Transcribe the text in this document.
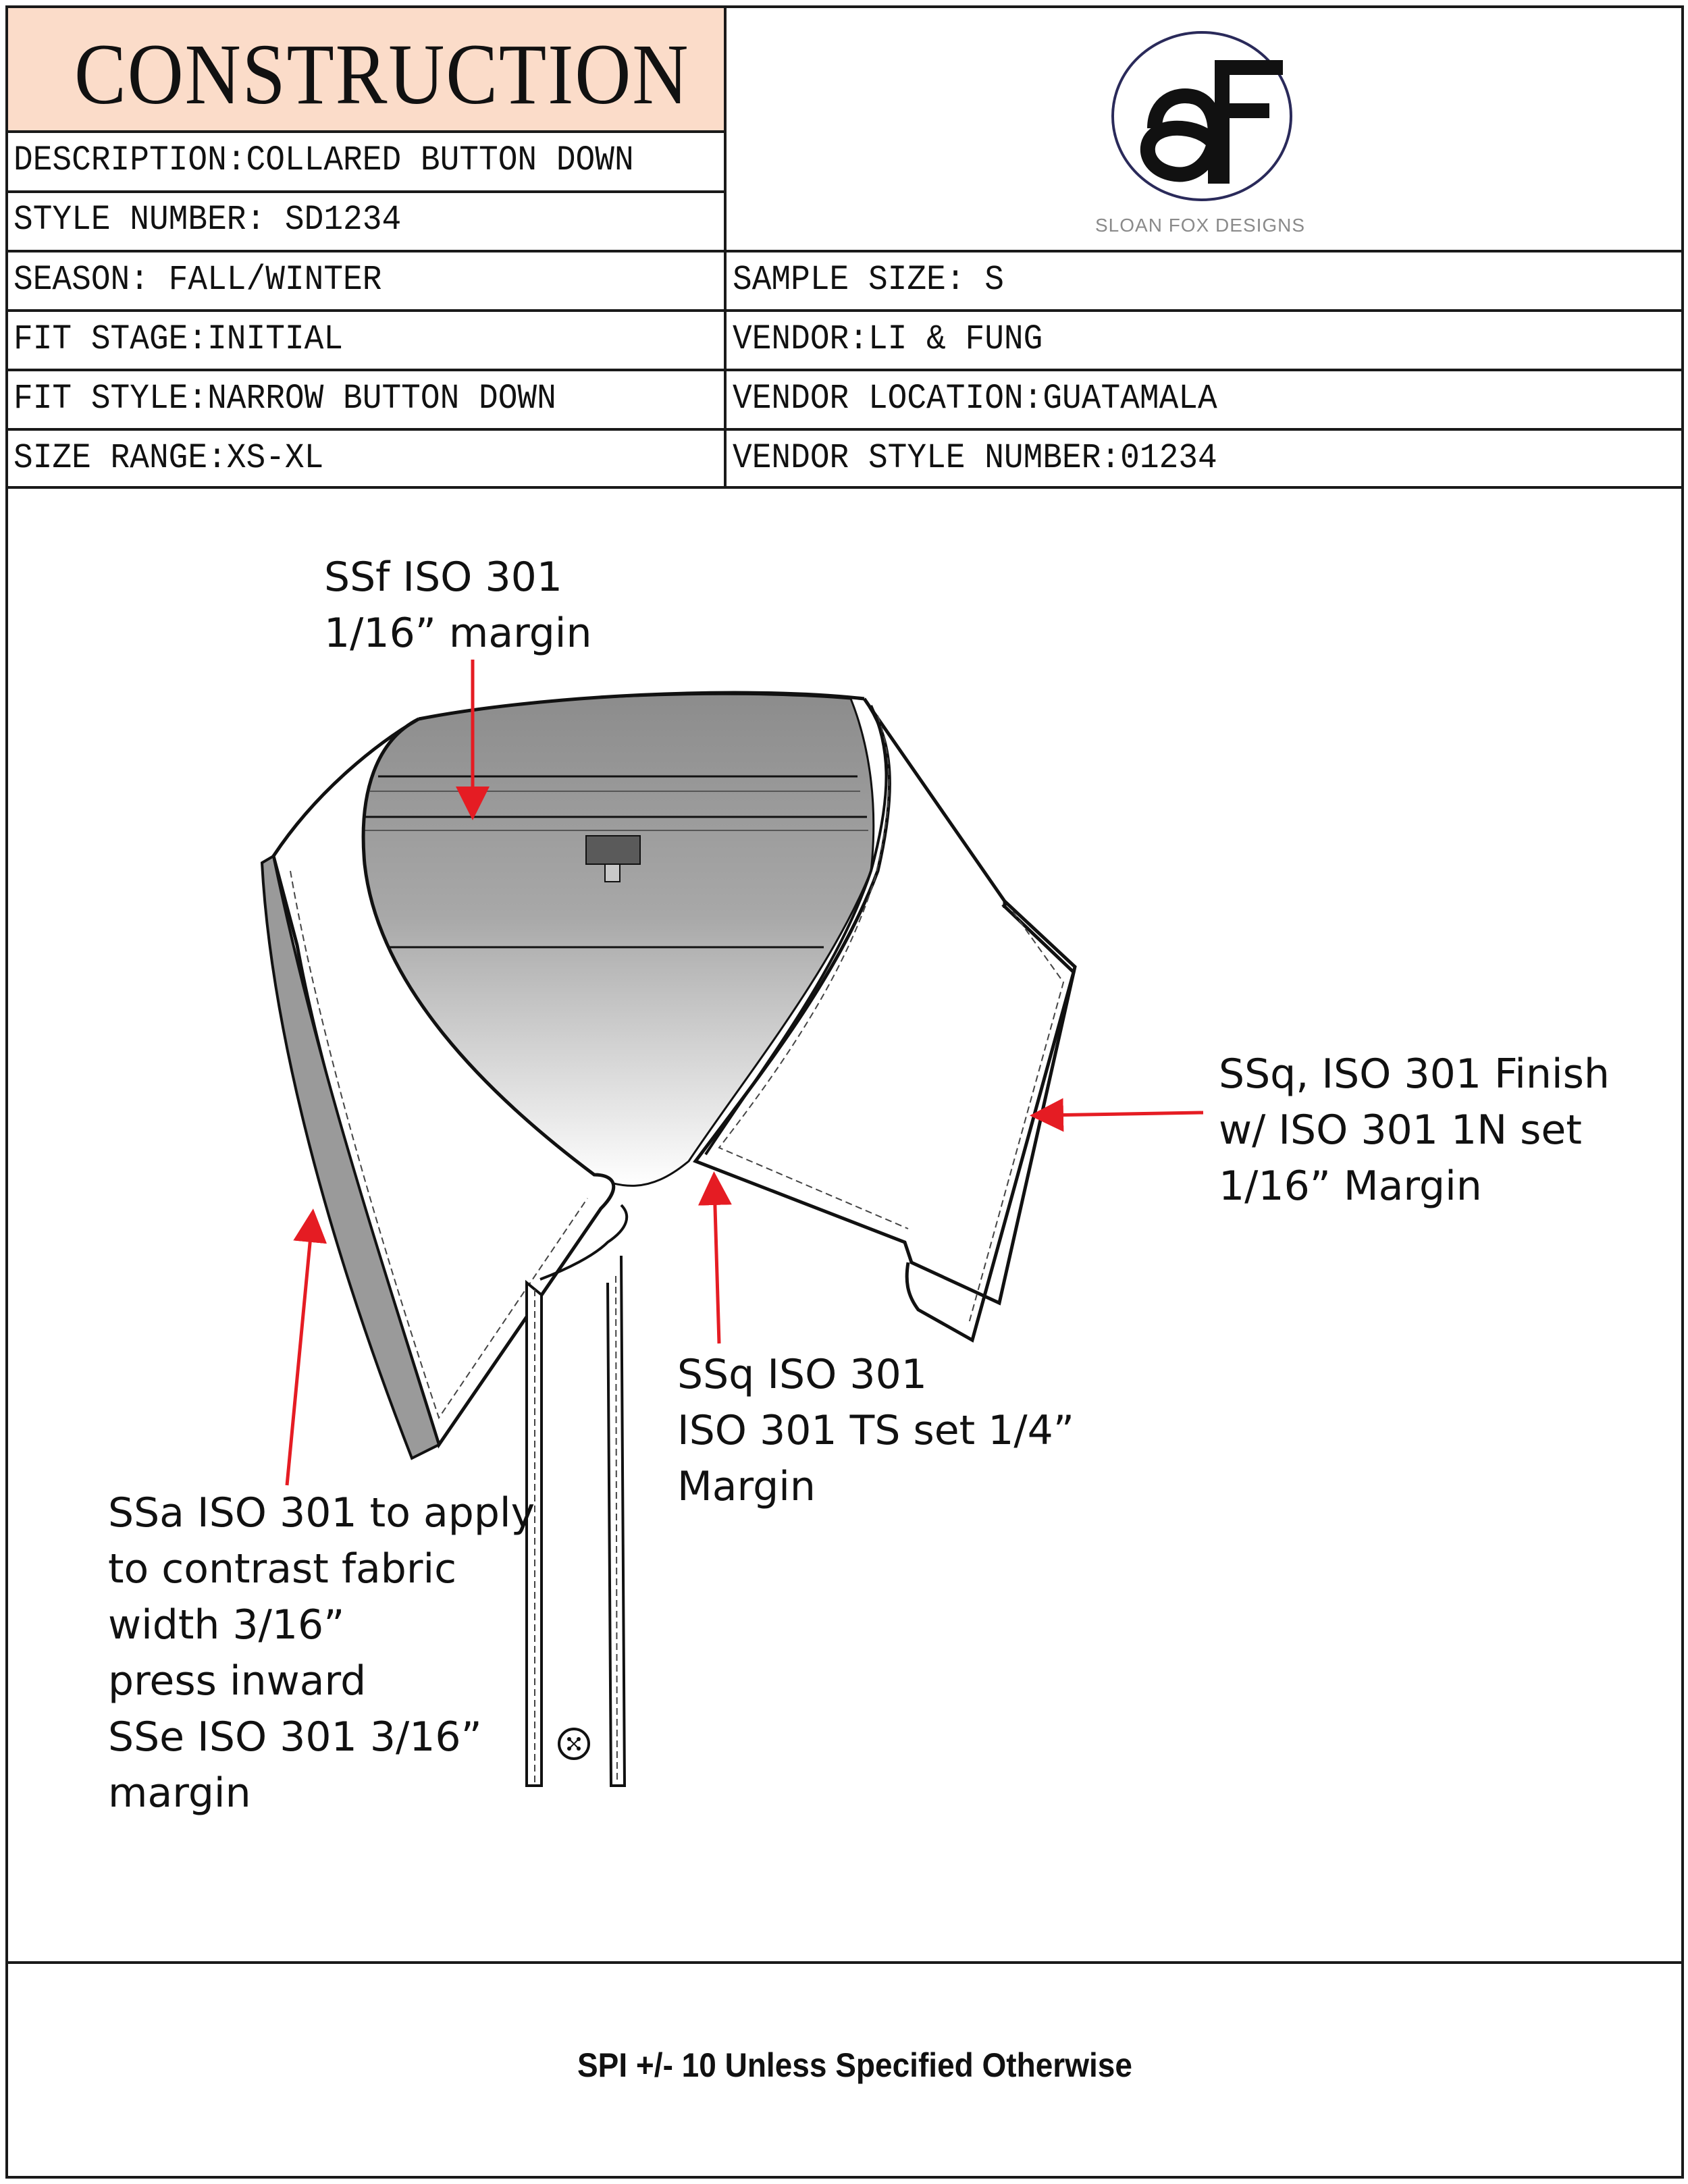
CONSTRUCTION
DESCRIPTION:COLLARED BUTTON DOWN
STYLE NUMBER: SD1234
SEASON: FALL/WINTER	SAMPLE SIZE: S
FIT STAGE:INITIAL	VENDOR:LI & FUNG
FIT STYLE:NARROW BUTTON DOWN	VENDOR LOCATION:GUATAMALA
SIZE RANGE:XS-XL	VENDOR STYLE NUMBER:01234
SLOAN FOX DESIGNS
SSf ISO 301
1/16” margin
SSq, ISO 301 Finish
w/ ISO 301 1N set
1/16” Margin
SSq ISO 301
ISO 301 TS set 1/4”
Margin
SSa ISO 301 to apply
to contrast fabric
width 3/16”
press inward
SSe ISO 301 3/16”
margin
SPI +/- 10 Unless Specified Otherwise
